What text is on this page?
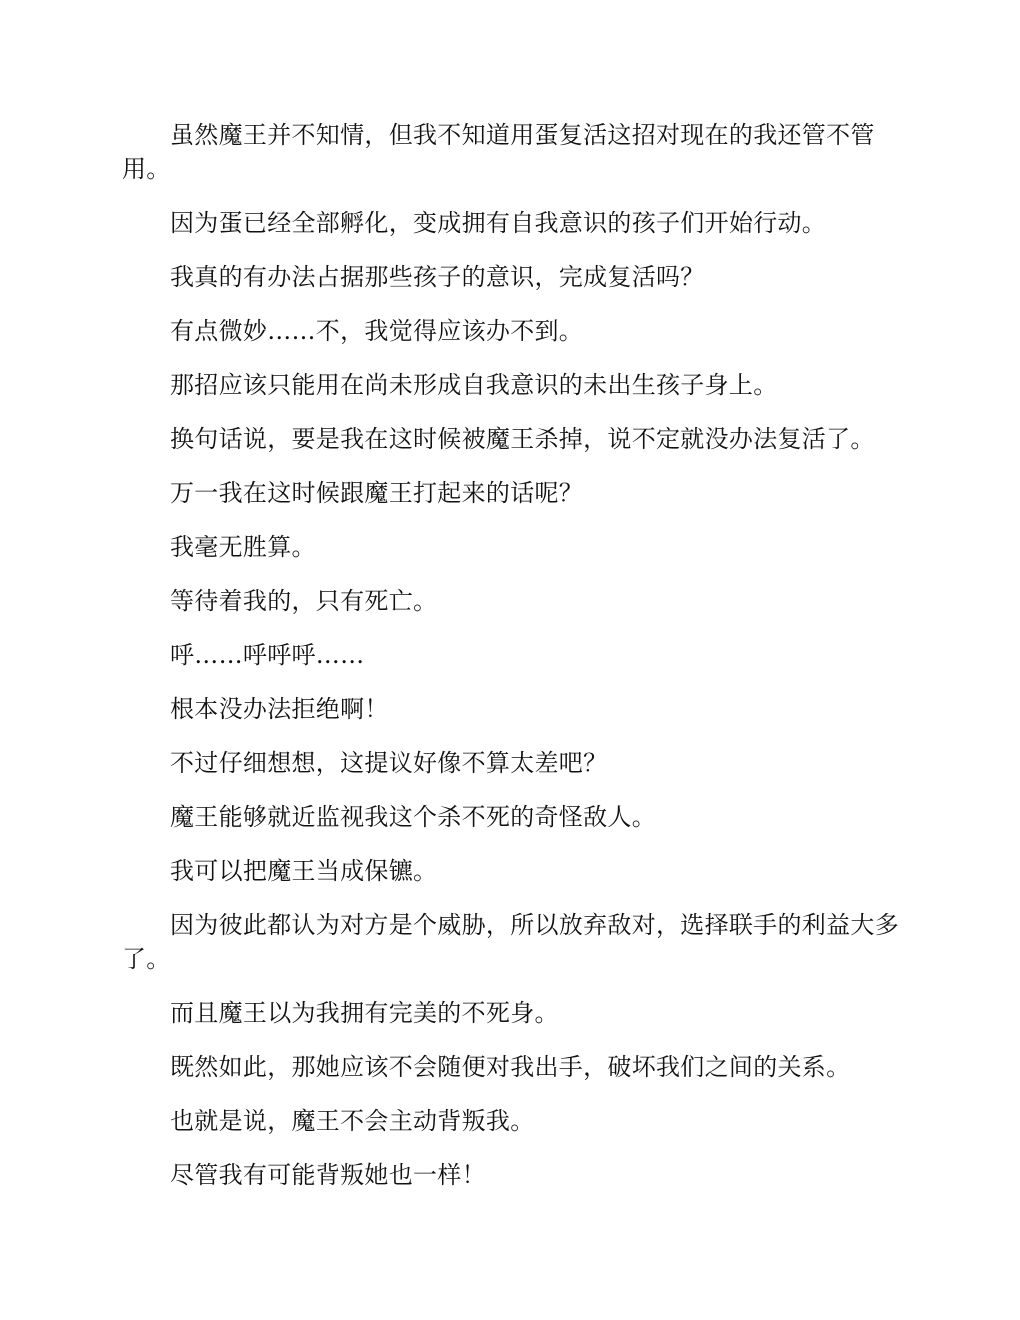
虽然魔王并不知情，但我不知道用蛋复活这招对现在的我还管不管用。

因为蛋已经全部孵化，变成拥有自我意识的孩子们开始行动。

我真的有办法占据那些孩子的意识，完成复活吗？

有点微妙……不，我觉得应该办不到。

那招应该只能用在尚未形成自我意识的未出生孩子身上。

换句话说，要是我在这时候被魔王杀掉，说不定就没办法复活了。

万一我在这时候跟魔王打起来的话呢？

我毫无胜算。

等待着我的，只有死亡。

呼……呼呼呼……

根本没办法拒绝啊！

不过仔细想想，这提议好像不算太差吧？

魔王能够就近监视我这个杀不死的奇怪敌人。

我可以把魔王当成保镳。

因为彼此都认为对方是个威胁，所以放弃敌对，选择联手的利益大多了。

而且魔王以为我拥有完美的不死身。

既然如此，那她应该不会随便对我出手，破坏我们之间的关系。

也就是说，魔王不会主动背叛我。

尽管我有可能背叛她也一样！
